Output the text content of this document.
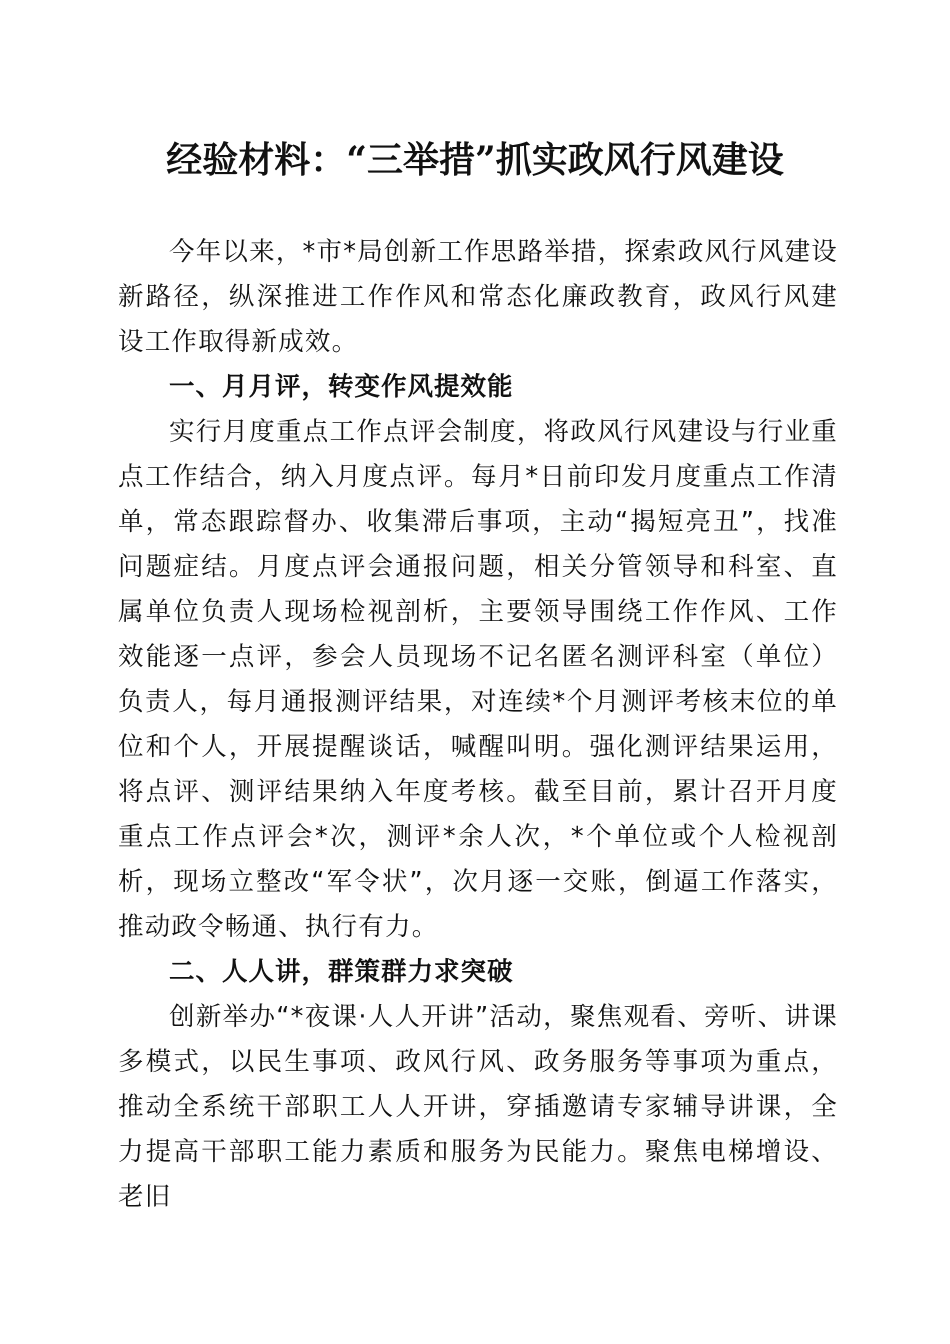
经验材料：“三举措”抓实政风行风建设

今年以来，*市*局创新工作思路举措，探索政风行风建设新路径，纵深推进工作作风和常态化廉政教育，政风行风建设工作取得新成效。

一、月月评，转变作风提效能

实行月度重点工作点评会制度，将政风行风建设与行业重点工作结合，纳入月度点评。每月*日前印发月度重点工作清单，常态跟踪督办、收集滞后事项，主动“揭短亮丑”，找准问题症结。月度点评会通报问题，相关分管领导和科室、直属单位负责人现场检视剖析，主要领导围绕工作作风、工作效能逐一点评，参会人员现场不记名匿名测评科室（单位）负责人，每月通报测评结果，对连续*个月测评考核末位的单位和个人，开展提醒谈话，喊醒叫明。强化测评结果运用，将点评、测评结果纳入年度考核。截至目前，累计召开月度重点工作点评会*次，测评*余人次，*个单位或个人检视剖析，现场立整改“军令状”，次月逐一交账，倒逼工作落实，推动政令畅通、执行有力。

二、人人讲，群策群力求突破

创新举办“*夜课·人人开讲”活动，聚焦观看、旁听、讲课多模式，以民生事项、政风行风、政务服务等事项为重点，推动全系统干部职工人人开讲，穿插邀请专家辅导讲课，全力提高干部职工能力素质和服务为民能力。聚焦电梯增设、老旧
